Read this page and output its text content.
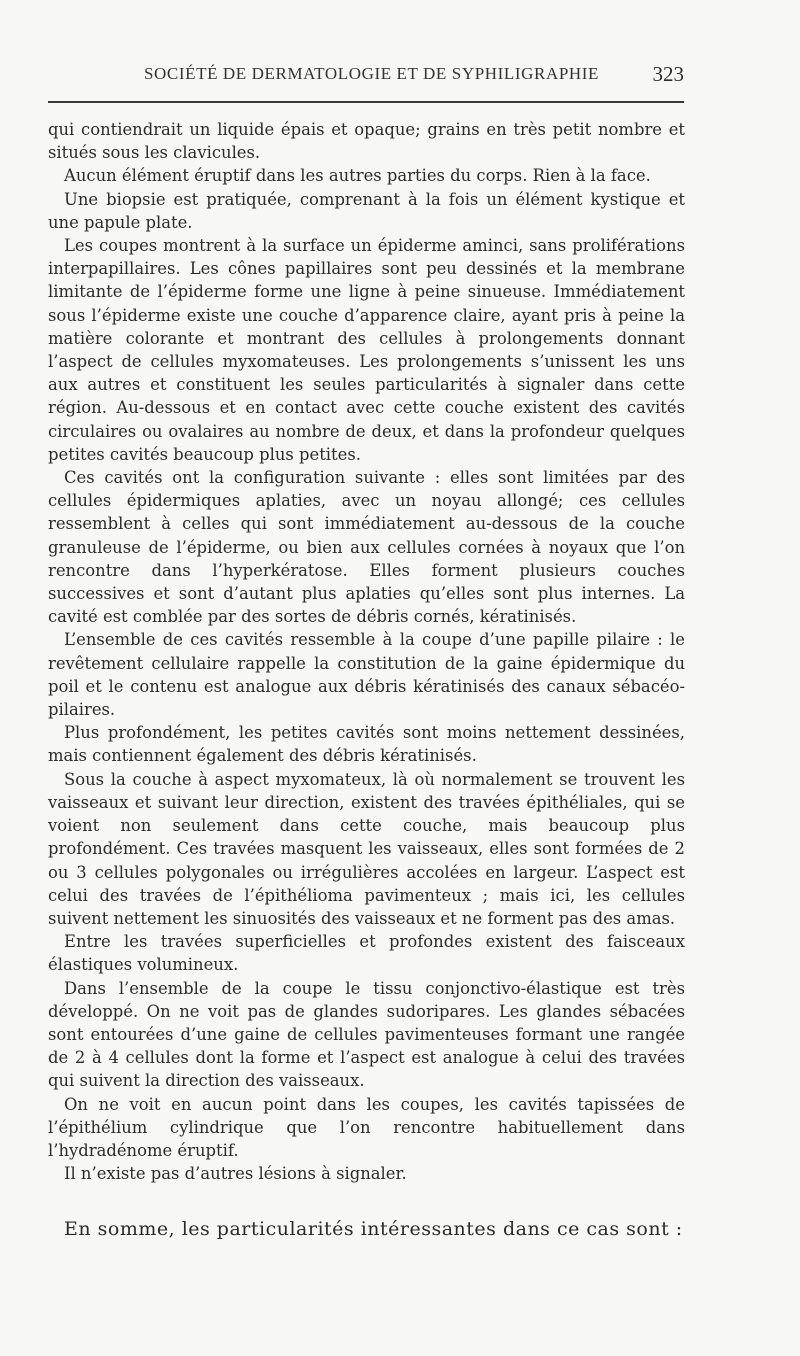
SOCIÉTÉ DE DERMATOLOGIE ET DE SYPHILIGRAPHIE	323

qui contiendrait un liquide épais et opaque; grains en très petit nombre et situés sous les clavicules.

Aucun élément éruptif dans les autres parties du corps. Rien à la face.

Une biopsie est pratiquée, comprenant à la fois un élément kystique et une papule plate.

Les coupes montrent à la surface un épiderme aminci, sans proliférations interpapillaires. Les cônes papillaires sont peu dessinés et la membrane limitante de l’épiderme forme une ligne à peine sinueuse. Immédiatement sous l’épiderme existe une couche d’apparence claire, ayant pris à peine la matière colorante et montrant des cellules à prolongements donnant l’aspect de cellules myxomateuses. Les prolongements s’unissent les uns aux autres et constituent les seules particularités à signaler dans cette région. Au-dessous et en contact avec cette couche existent des cavités circulaires ou ovalaires au nombre de deux, et dans la profondeur quelques petites cavités beaucoup plus petites.

Ces cavités ont la configuration suivante : elles sont limitées par des cellules épidermiques aplaties, avec un noyau allongé; ces cellules ressemblent à celles qui sont immédiatement au-dessous de la couche granuleuse de l’épiderme, ou bien aux cellules cornées à noyaux que l’on rencontre dans l’hyperkératose. Elles forment plusieurs couches successives et sont d’autant plus aplaties qu’elles sont plus internes. La cavité est comblée par des sortes de débris cornés, kératinisés.

L’ensemble de ces cavités ressemble à la coupe d’une papille pilaire : le revêtement cellulaire rappelle la constitution de la gaine épidermique du poil et le contenu est analogue aux débris kératinisés des canaux sébacéo-pilaires.

Plus profondément, les petites cavités sont moins nettement dessinées, mais contiennent également des débris kératinisés.

Sous la couche à aspect myxomateux, là où normalement se trouvent les vaisseaux et suivant leur direction, existent des travées épithéliales, qui se voient non seulement dans cette couche, mais beaucoup plus profondément. Ces travées masquent les vaisseaux, elles sont formées de 2 ou 3 cellules polygonales ou irrégulières accolées en largeur. L’aspect est celui des travées de l’épithélioma pavimenteux ; mais ici, les cellules suivent nettement les sinuosités des vaisseaux et ne forment pas des amas.

Entre les travées superficielles et profondes existent des faisceaux élastiques volumineux.

Dans l’ensemble de la coupe le tissu conjonctivo-élastique est très développé. On ne voit pas de glandes sudoripares. Les glandes sébacées sont entourées d’une gaine de cellules pavimenteuses formant une rangée de 2 à 4 cellules dont la forme et l’aspect est analogue à celui des travées qui suivent la direction des vaisseaux.

On ne voit en aucun point dans les coupes, les cavités tapissées de l’épithélium cylindrique que l’on rencontre habituellement dans l’hydradénome éruptif.

Il n’existe pas d’autres lésions à signaler.

En somme, les particularités intéressantes dans ce cas sont :
